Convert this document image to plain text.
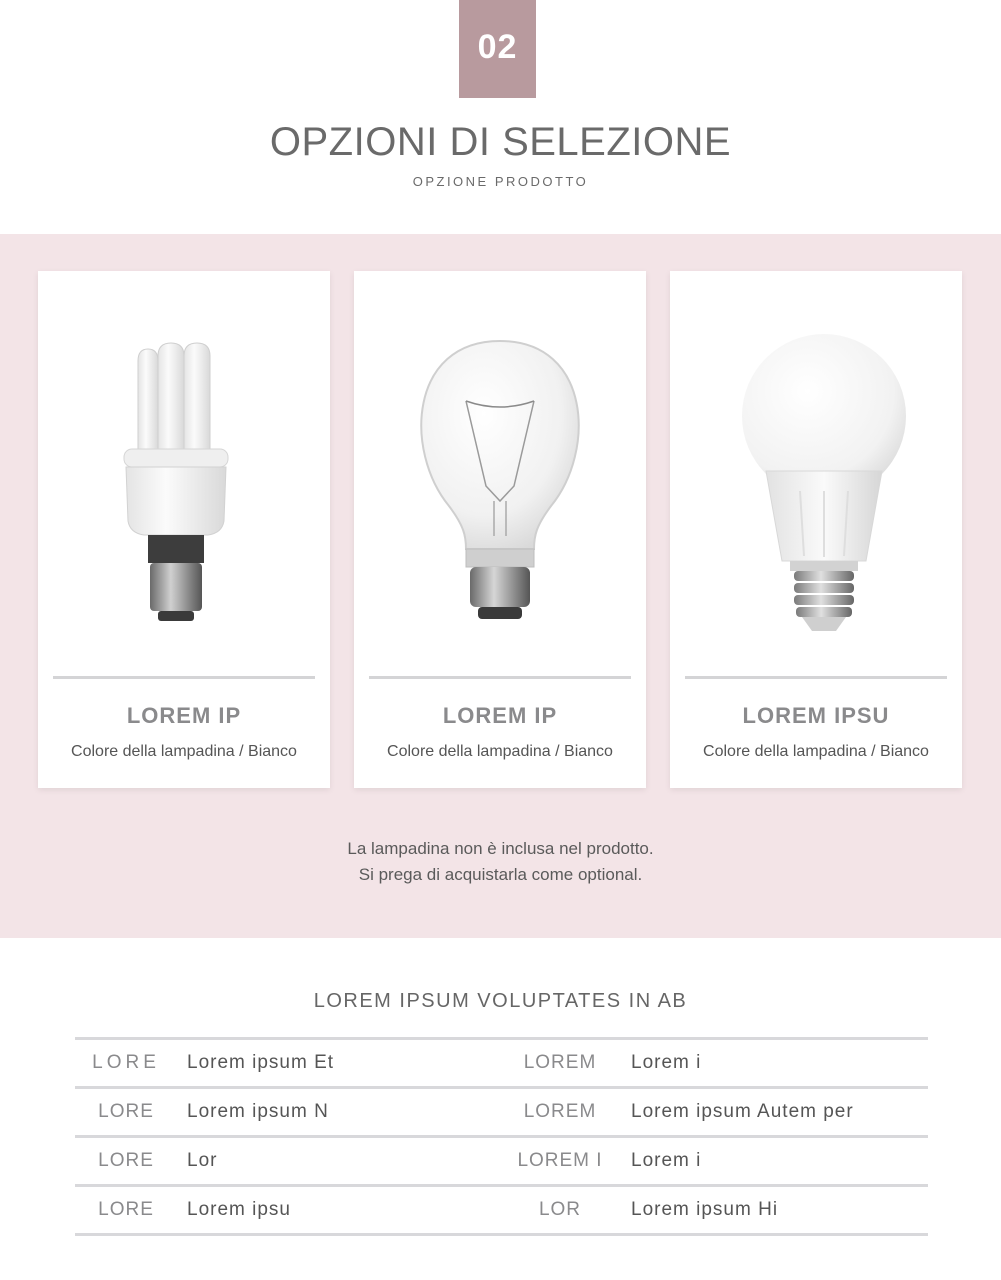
02
OPZIONI DI SELEZIONE
OPZIONE PRODOTTO
LOREM IP
Colore della lampadina / Bianco
LOREM IP
Colore della lampadina / Bianco
LOREM IPSU
Colore della lampadina / Bianco
La lampadina non è inclusa nel prodotto.
Si prega di acquistarla come optional.
LOREM IPSUM VOLUPTATES IN AB
LORE	Lorem ipsum Et	LOREM	Lorem i
LORE	Lorem ipsum N	LOREM	Lorem ipsum Autem per
LORE	Lor	LOREM I	Lorem i
LORE	Lorem ipsu	LOR	Lorem ipsum Hi
